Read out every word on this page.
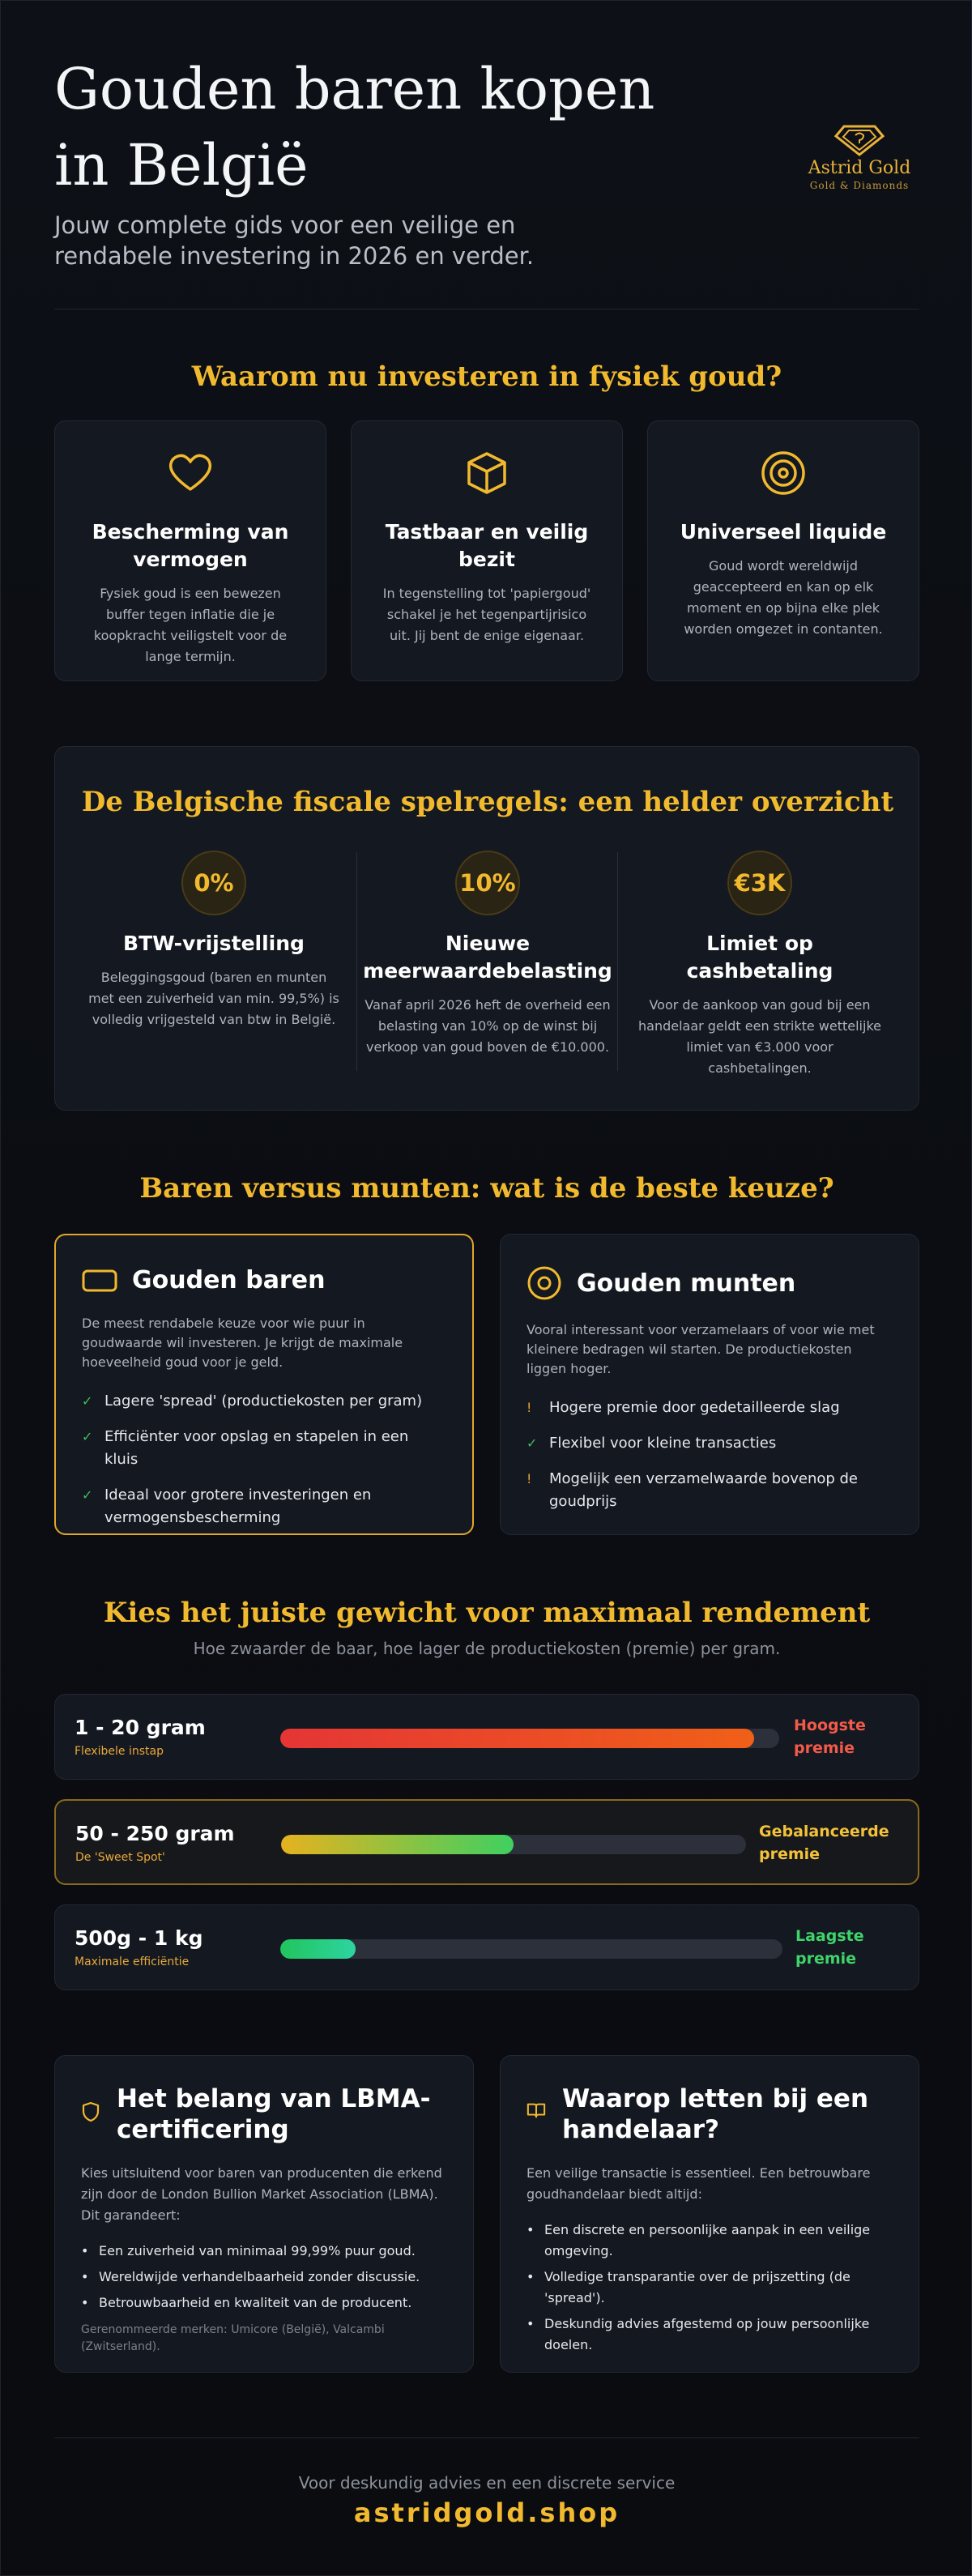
Gouden baren kopen
in België

Jouw complete gids voor een veilige en rendabele investering in 2026 en verder.

Astrid Gold
Gold & Diamonds
Waarom nu investeren in fysiek goud?
Bescherming van vermogen

Fysiek goud is een bewezen buffer tegen inflatie die je koopkracht veiligstelt voor de lange termijn.

Tastbaar en veilig bezit

In tegenstelling tot 'papiergoud' schakel je het tegenpartijrisico uit. Jij bent de enige eigenaar.

Universeel liquide

Goud wordt wereldwijd geaccepteerd en kan op elk moment en op bijna elke plek worden omgezet in contanten.

De Belgische fiscale spelregels: een helder overzicht
0%
BTW-vrijstelling

Beleggingsgoud (baren en munten met een zuiverheid van min. 99,5%) is volledig vrijgesteld van btw in België.

10%
Nieuwe meerwaardebelasting

Vanaf april 2026 heft de overheid een belasting van 10% op de winst bij verkoop van goud boven de €10.000.

€3K
Limiet op cashbetaling

Voor de aankoop van goud bij een handelaar geldt een strikte wettelijke limiet van €3.000 voor cashbetalingen.

Baren versus munten: wat is de beste keuze?
Gouden baren

De meest rendabele keuze voor wie puur in goudwaarde wil investeren. Je krijgt de maximale hoeveelheid goud voor je geld.

✓ Lagere 'spread' (productiekosten per gram)
✓ Efficiënter voor opslag en stapelen in een kluis
✓ Ideaal voor grotere investeringen en vermogensbescherming
Gouden munten

Vooral interessant voor verzamelaars of voor wie met kleinere bedragen wil starten. De productiekosten liggen hoger.

!	Hogere premie door gedetailleerde slag
✓ Flexibel voor kleine transacties
!	Mogelijk een verzamelwaarde bovenop de goudprijs
Kies het juiste gewicht voor maximaal rendement

Hoe zwaarder de baar, hoe lager de productiekosten (premie) per gram.

1 - 20 gram
Flexibele instap
Hoogste
premie
50 - 250 gram
De 'Sweet Spot'
Gebalanceerde
premie
500g - 1 kg
Maximale efficiëntie
Laagste
premie
Het belang van LBMA-certificering

Kies uitsluitend voor baren van producenten die erkend zijn door de London Bullion Market Association (LBMA). Dit garandeert:

• Een zuiverheid van minimaal 99,99% puur goud.
• Wereldwijde verhandelbaarheid zonder discussie.
• Betrouwbaarheid en kwaliteit van de producent.

Gerenommeerde merken: Umicore (België), Valcambi (Zwitserland).

Waarop letten bij een handelaar?

Een veilige transactie is essentieel. Een betrouwbare goudhandelaar biedt altijd:

• Een discrete en persoonlijke aanpak in een veilige omgeving.
• Volledige transparantie over de prijszetting (de 'spread').
• Deskundig advies afgestemd op jouw persoonlijke doelen.

Voor deskundig advies en een discrete service

astridgold.shop
